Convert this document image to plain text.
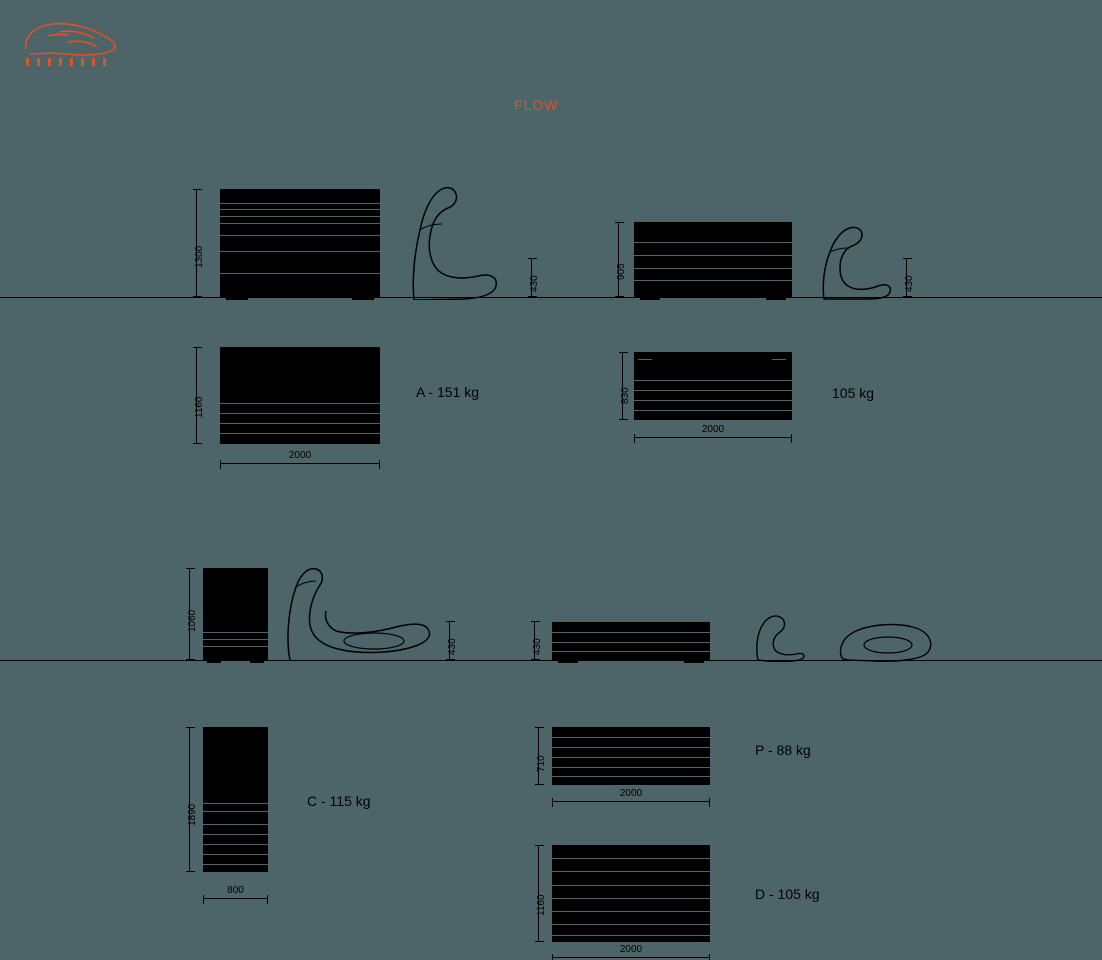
FLOW
1300
430
905
430
1160
2000
A - 151 kg	830
2000
105 kg
1060
430	430
1890
800
C - 115 kg
710
2000
P - 88 kg
1160
2000
D - 105 kg
